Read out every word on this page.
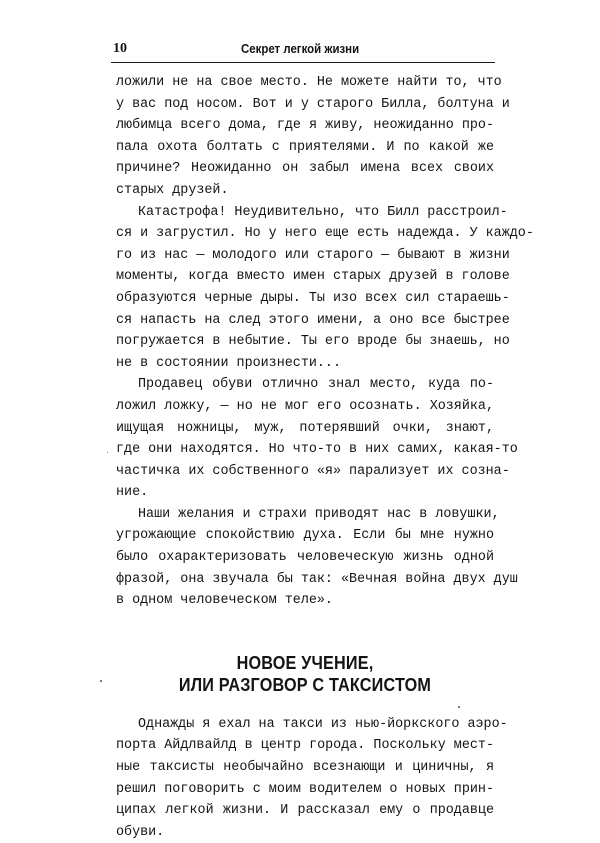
10	Секрет легкой жизни

ложили не на свое место. Не можете найти то, что
у вас под носом. Вот и у старого Билла, болтуна и
любимца всего дома, где я живу, неожиданно про-
пала охота болтать с приятелями. И по какой же
причине? Неожиданно он забыл имена всех своих
старых друзей.

Катастрофа! Неудивительно, что Билл расстроил-
ся и загрустил. Но у него еще есть надежда. У каждо-
го из нас — молодого или старого — бывают в жизни
моменты, когда вместо имен старых друзей в голове
образуются черные дыры. Ты изо всех сил стараешь-
ся напасть на след этого имени, а оно все быстрее
погружается в небытие. Ты его вроде бы знаешь, но
не в состоянии произнести...

Продавец обуви отлично знал место, куда по-
ложил ложку, — но не мог его осознать. Хозяйка,
ищущая ножницы, муж, потерявший очки, знают,
где они находятся. Но что-то в них самих, какая-то
частичка их собственного «я» парализует их созна-
ние.

Наши желания и страхи приводят нас в ловушки,
угрожающие спокойствию духа. Если бы мне нужно
было охарактеризовать человеческую жизнь одной
фразой, она звучала бы так: «Вечная война двух душ
в одном человеческом теле».

НОВОЕ УЧЕНИЕ,
ИЛИ РАЗГОВОР С ТАКСИСТОМ

Однажды я ехал на такси из нью-йоркского аэро-
порта Айдлвайлд в центр города. Поскольку мест-
ные таксисты необычайно всезнающи и циничны, я
решил поговорить с моим водителем о новых прин-
ципах легкой жизни. И рассказал ему о продавце
обуви.
